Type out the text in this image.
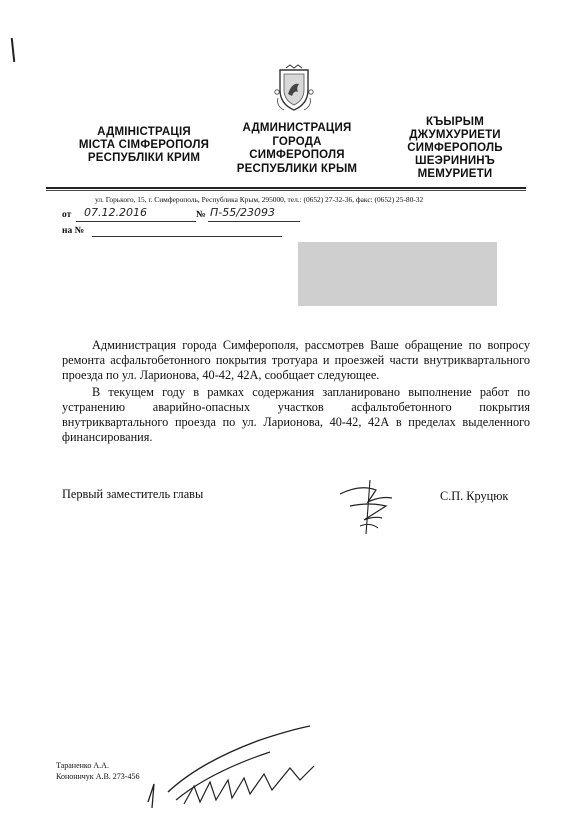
АДМІНІСТРАЦІЯ
МІСТА СІМФЕРОПОЛЯ
РЕСПУБЛІКИ КРИМ
АДМИНИСТРАЦИЯ
ГОРОДА
СИМФЕРОПОЛЯ
РЕСПУБЛИКИ КРЫМ
КЪЫРЫМ
ДЖУМХУРИЕТИ
СИМФЕРОПОЛЬ
ШЕЭРИНИНЪ
МЕМУРИЕТИ
ул. Горького, 15, г. Симферополь, Республика Крым, 295000, тел.: (0652) 27-32-36, факс: (0652) 25-80-32
от 07.12.2016	№ П-55/23093
на №

Администрация города Симферополя, рассмотрев Ваше обращение по вопросу ремонта асфальтобетонного покрытия тротуара и проезжей части внутриквартального проезда по ул. Ларионова, 40-42, 42А, сообщает следующее.

В текущем году в рамках содержания запланировано выполнение работ по устранению аварийно-опасных участков асфальтобетонного покрытия внутриквартального проезда по ул. Ларионова, 40-42, 42А в пределах выделенного финансирования.

Первый заместитель главы	С.П. Круцюк
Тараненко А.А.
Кононнчук А.В. 273-456
